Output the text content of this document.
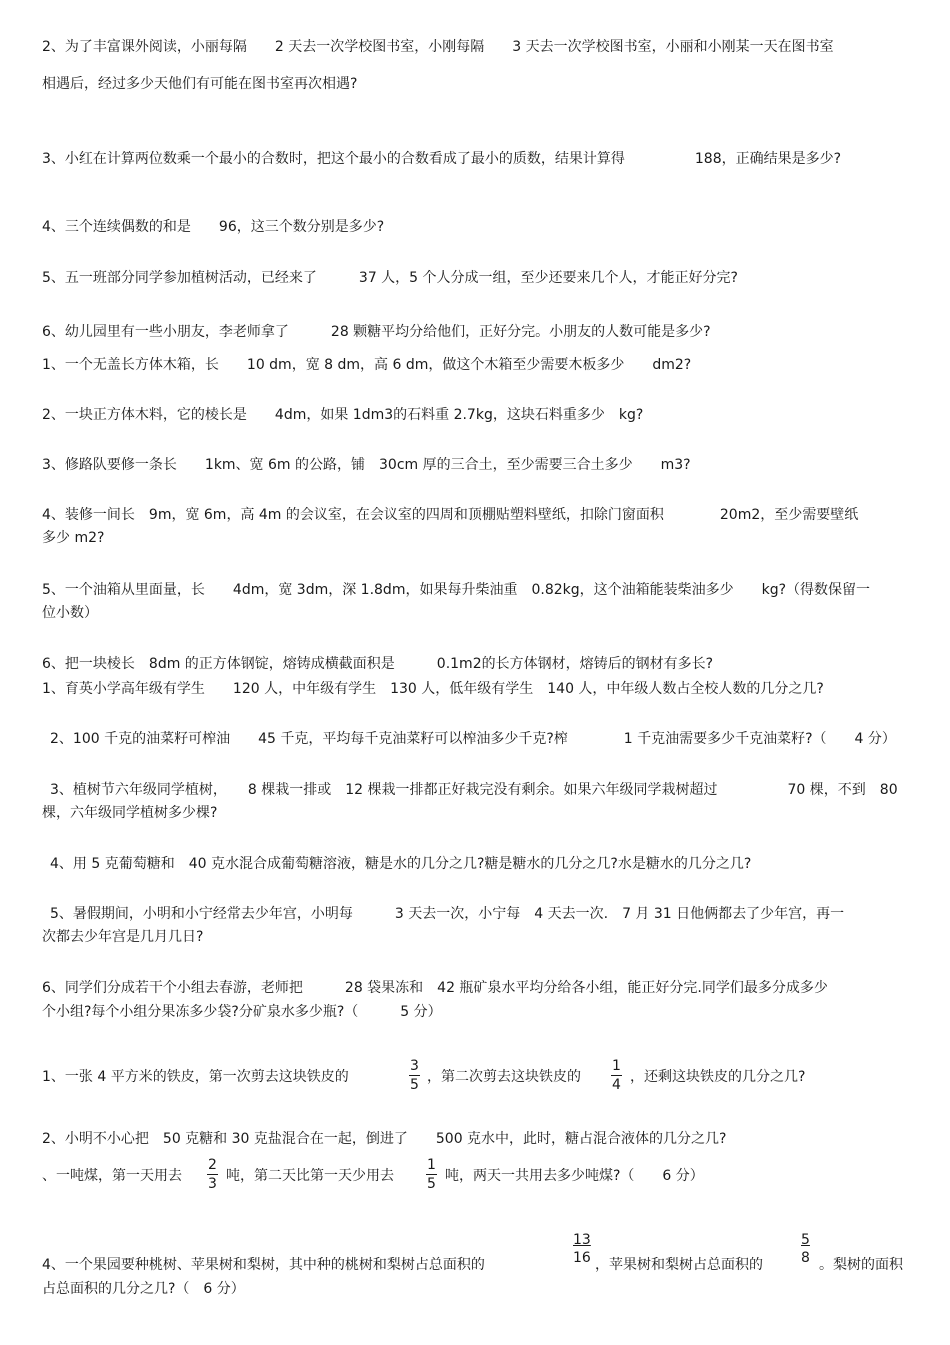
2、为了丰富课外阅读，小丽每隔　　2 天去一次学校图书室，小刚每隔　　3 天去一次学校图书室，小丽和小刚某一天在图书室
相遇后，经过多少天他们有可能在图书室再次相遇?
3、小红在计算两位数乘一个最小的合数时，把这个最小的合数看成了最小的质数，结果计算得　　　　　188，正确结果是多少?
4、三个连续偶数的和是　　96，这三个数分别是多少?
5、五一班部分同学参加植树活动，已经来了　　　37 人，5 个人分成一组，至少还要来几个人，才能正好分完?
6、幼儿园里有一些小朋友，李老师拿了　　　28 颗糖平均分给他们，正好分完。小朋友的人数可能是多少?
1、一个无盖长方体木箱，长　　10 dm，宽 8 dm，高 6 dm，做这个木箱至少需要木板多少　　dm2?
2、一块正方体木料，它的棱长是　　4dm，如果 1dm3的石料重 2.7kg，这块石料重多少　kg?
3、修路队要修一条长　　1km、宽 6m 的公路，铺　30cm 厚的三合土，至少需要三合土多少　　m3?
4、装修一间长　9m，宽 6m，高 4m 的会议室，在会议室的四周和顶棚贴塑料壁纸，扣除门窗面积　　　　20m2，至少需要壁纸
多少 m2?
5、一个油箱从里面量，长　　4dm，宽 3dm，深 1.8dm，如果每升柴油重　0.82kg，这个油箱能装柴油多少　　kg?（得数保留一
位小数）
6、把一块棱长　8dm 的正方体钢锭，熔铸成横截面积是　　　0.1m2的长方体钢材，熔铸后的钢材有多长?
1、育英小学高年级有学生　　120 人，中年级有学生　130 人，低年级有学生　140 人，中年级人数占全校人数的几分之几?
2、100 千克的油菜籽可榨油　　45 千克，平均每千克油菜籽可以榨油多少千克?榨　　　　1 千克油需要多少千克油菜籽?（　　4 分）
3、植树节六年级同学植树，　　8 棵栽一排或　12 棵栽一排都正好栽完没有剩余。如果六年级同学栽树超过　　　　　70 棵，不到　80
棵，六年级同学植树多少棵?
4、用 5 克葡萄糖和　40 克水混合成葡萄糖溶液，糖是水的几分之几?糖是糖水的几分之几?水是糖水的几分之几?
5、暑假期间，小明和小宁经常去少年宫，小明每　　　3 天去一次，小宁每　4 天去一次.　7 月 31 日他俩都去了少年宫，再一
次都去少年宫是几月几日?
6、同学们分成若干个小组去春游，老师把　　　28 袋果冻和　42 瓶矿泉水平均分给各小组，能正好分完.同学们最多分成多少
个小组?每个小组分果冻多少袋?分矿泉水多少瓶?（　　　5 分）
1、一张 4 平方米的铁皮，第一次剪去这块铁皮的
3
5 ，第二次剪去这块铁皮的
1
4 ，还剩这块铁皮的几分之几?
2、小明不小心把　50 克糖和 30 克盐混合在一起，倒进了　　500 克水中，此时，糖占混合液体的几分之几?
、一吨煤，第一天用去
2
3 吨，第二天比第一天少用去
1
5 吨，两天一共用去多少吨煤?（　　6 分）
4、一个果园要种桃树、苹果树和梨树，其中种的桃树和梨树占总面积的	$\frac{13}{16}$ ，苹果树和梨树占总面积的	$\frac{5}{8}$ 。梨树的面积
占总面积的几分之几?（　6 分）
